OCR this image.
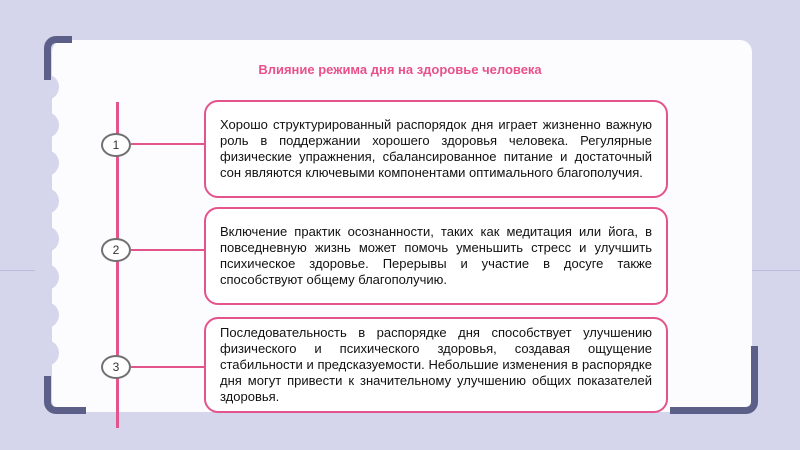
Влияние режима дня на здоровье человека
1
Хорошо структурированный распорядок дня играет жизненно важную роль в поддержании хорошего здоровья человека. Регулярные физические упражнения, сбалансированное питание и достаточный сон являются ключевыми компонентами оптимального благополучия.
2
Включение практик осознанности, таких как медитация или йога, в повседневную жизнь может помочь уменьшить стресс и улучшить психическое здоровье. Перерывы и участие в досуге также способствуют общему благополучию.
3
Последовательность в распорядке дня способствует улучшению физического и психического здоровья, создавая ощущение стабильности и предсказуемости. Небольшие изменения в распорядке дня могут привести к значительному улучшению общих показателей здоровья.
